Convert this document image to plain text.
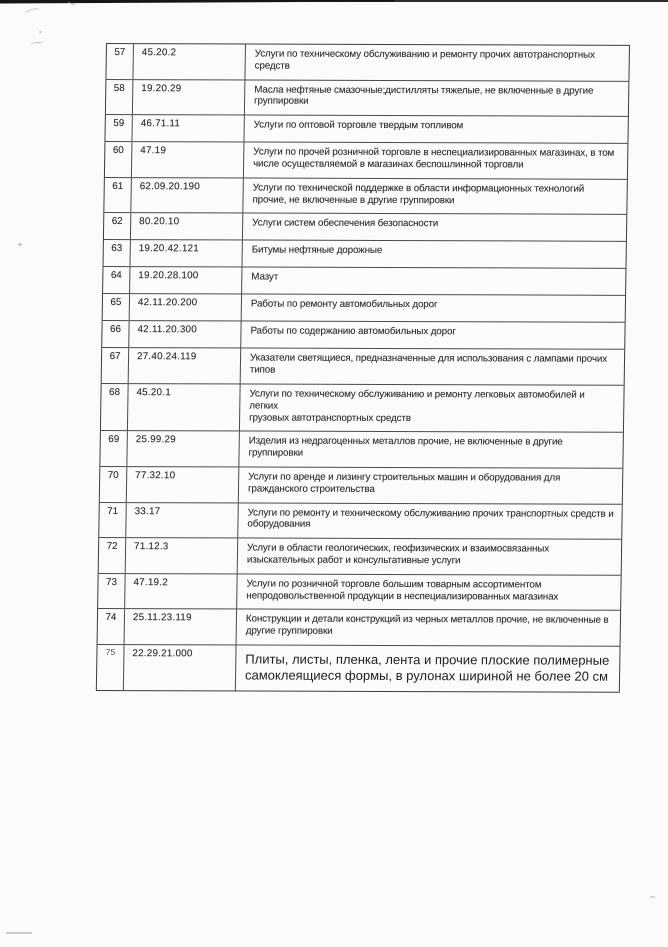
57	45.20.2	Услуги по техническому обслуживанию и ремонту прочих автотранспортных
средств
58	19.20.29	Масла нефтяные смазочные;дистилляты тяжелые, не включенные в другие
группировки
59	46.71.11	Услуги по оптовой торговле твердым топливом
60	47.19	Услуги по прочей розничной торговле в неспециализированных магазинах, в том
числе осуществляемой в магазинах беспошлинной торговли
61	62.09.20.190	Услуги по технической поддержке в области информационных технологий
прочие, не включенные в другие группировки
62	80.20.10	Услуги систем обеспечения безопасности
63	19.20.42.121	Битумы нефтяные дорожные
64	19.20.28.100	Мазут
65	42.11.20.200	Работы по ремонту автомобильных дорог
66	42.11.20.300	Работы по содержанию автомобильных дорог
67	27.40.24.119	Указатели светящиеся, предназначенные для использования с лампами прочих
типов
68	45.20.1	Услуги по техническому обслуживанию и ремонту легковых автомобилей и легких
грузовых автотранспортных средств
69	25.99.29	Изделия из недрагоценных металлов прочие, не включенные в другие
группировки
70	77.32.10	Услуги по аренде и лизингу строительных машин и оборудования для
гражданского строительства
71	33.17	Услуги по ремонту и техническому обслуживанию прочих транспортных средств и
оборудования
72	71.12.3	Услуги в области геологических, геофизических и взаимосвязанных
изыскательных работ и консультативные услуги
73	47.19.2	Услуги по розничной торговле большим товарным ассортиментом
непродовольственной продукции в неспециализированных магазинах
74	25.11.23.119	Конструкции и детали конструкций из черных металлов прочие, не включенные в
другие группировки
75	22.29.21.000	Плиты, листы, пленка, лента и прочие плоские полимерные
самоклеящиеся формы, в рулонах шириной не более 20 см
